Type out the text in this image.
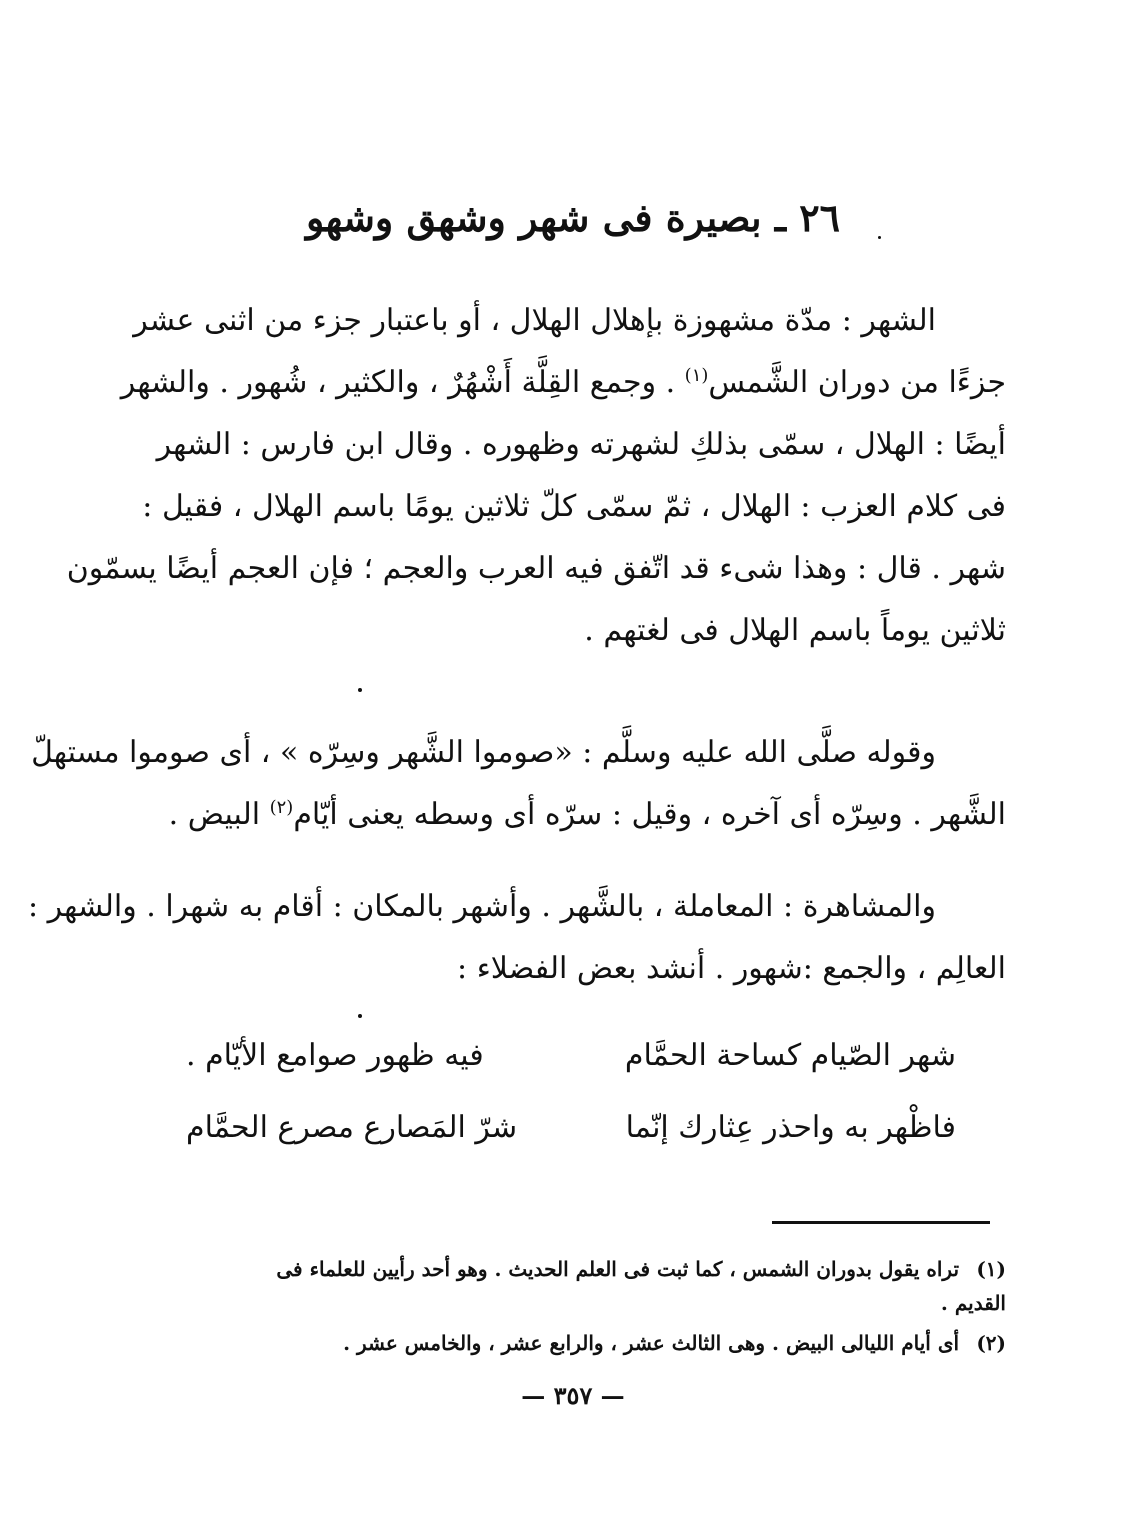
٢٦ ـ بصيرة فى شهر وشهق وشهو
الشهر : مدّة مشهوزة بإهلال الهلال ، أو باعتبار جزء من اثنى عشر
جزءًا من دوران الشَّمس$^{(١)}$ . وجمع القِلَّة أَشْهُرٌ ، والكثير ، شُهور . والشهر
أيضًا : الهلال ، سمّى بذلكِ لشهرته وظهوره . وقال ابن فارس : الشهر
فى كلام العزب : الهلال ، ثمّ سمّى كلّ ثلاثين يومًا باسم الهلال ، فقيل :
شهر . قال : وهذا شىء قد اتّفق فيه العرب والعجم ؛ فإن العجم أيضًا يسمّون
ثلاثين يوماً باسم الهلال فى لغتهم .
وقوله صلَّى الله عليه وسلَّم : «صوموا الشَّهر وسِرّه » ، أى صوموا مستهلّ
الشَّهر . وسِرّه أى آخره ، وقيل : سرّه أى وسطه يعنى أيّام$^{(٢)}$ البيض .
والمشاهرة : المعاملة ، بالشَّهر . وأشهر بالمكان : أقام به شهرا . والشهر :
العالِم ، والجمع :شهور . أنشد بعض الفضلاء :
شهر الصّيام كساحة الحمَّام
فيه ظهور صوامع الأيّام .
فاظْهر به واحذر عِثارك إنّما
شرّ المَصارع مصرع الحمَّام
(١) تراه يقول بدوران الشمس ، كما ثبت فى العلم الحديث . وهو أحد رأيين للعلماء فى
القديم .
(٢) أى أيام الليالى البيض . وهى الثالث عشر ، والرابع عشر ، والخامس عشر .
— ٣٥٧ —
